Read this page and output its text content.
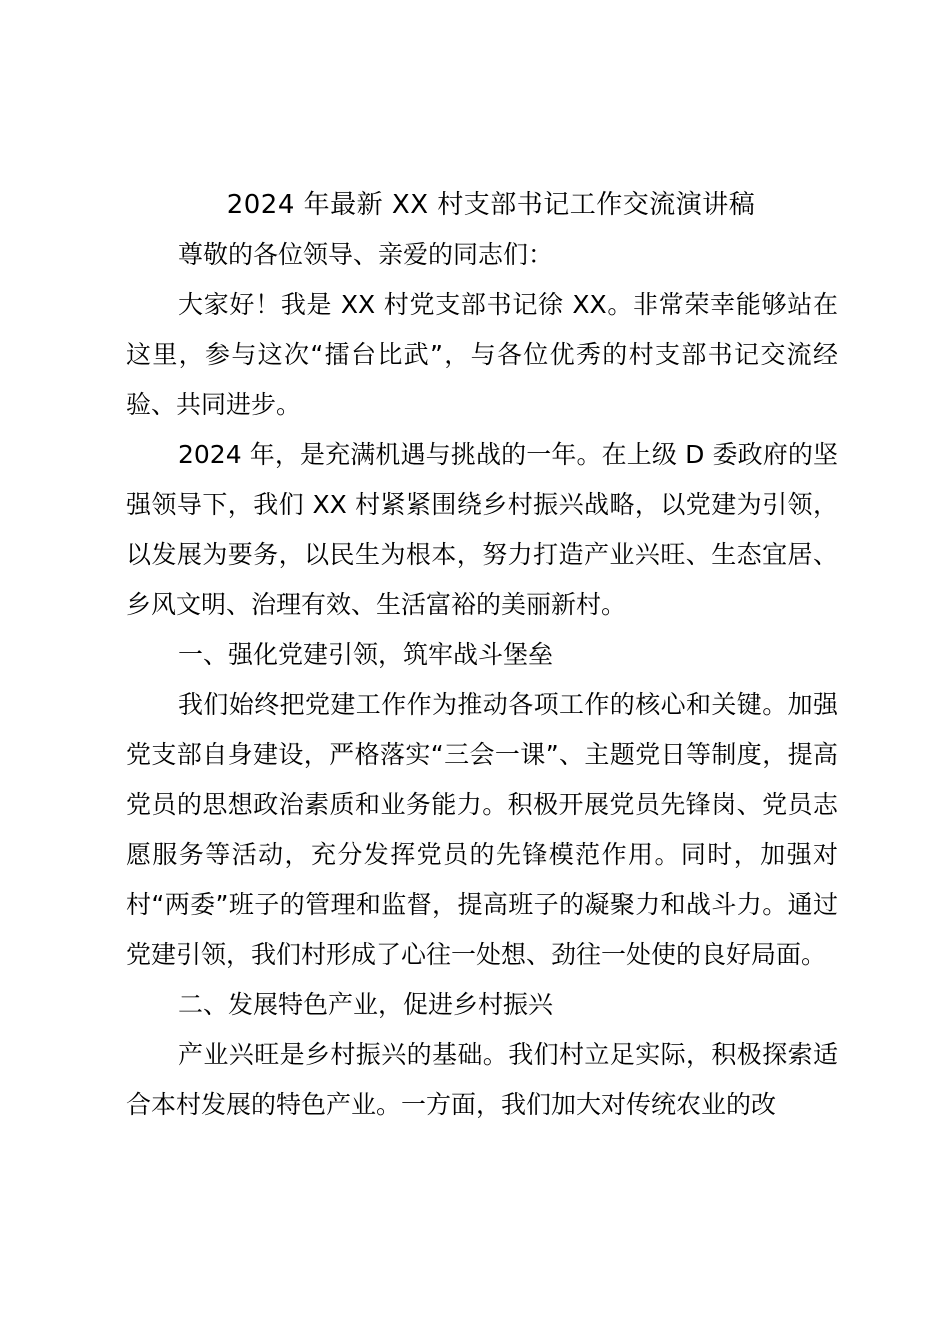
2024 年最新 XX 村支部书记工作交流演讲稿

尊敬的各位领导、亲爱的同志们：

大家好！我是 XX 村党支部书记徐 XX。非常荣幸能够站在这里，参与这次“擂台比武”，与各位优秀的村支部书记交流经验、共同进步。

2024 年，是充满机遇与挑战的一年。在上级 D 委政府的坚强领导下，我们 XX 村紧紧围绕乡村振兴战略，以党建为引领，以发展为要务，以民生为根本，努力打造产业兴旺、生态宜居、乡风文明、治理有效、生活富裕的美丽新村。

一、强化党建引领，筑牢战斗堡垒

我们始终把党建工作作为推动各项工作的核心和关键。加强党支部自身建设，严格落实“三会一课”、主题党日等制度，提高党员的思想政治素质和业务能力。积极开展党员先锋岗、党员志愿服务等活动，充分发挥党员的先锋模范作用。同时，加强对村“两委”班子的管理和监督，提高班子的凝聚力和战斗力。通过党建引领，我们村形成了心往一处想、劲往一处使的良好局面。

二、发展特色产业，促进乡村振兴

产业兴旺是乡村振兴的基础。我们村立足实际，积极探索适合本村发展的特色产业。一方面，我们加大对传统农业的改
